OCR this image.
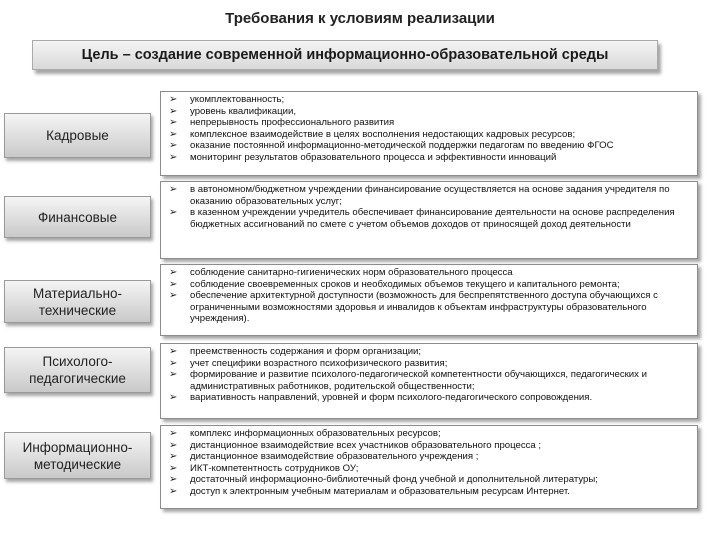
Требования к условиям реализации
Цель – создание современной информационно-образовательной среды
Кадровые
➢ укомплектованность;
➢ уровень квалификации,
➢ непрерывность профессионального развития
➢ комплексное взаимодействие в целях восполнения недостающих кадровых ресурсов;
➢ оказание постоянной информационно-методической поддержки педагогам по введению ФГОС
➢ мониторинг результатов образовательного процесса и эффективности инноваций
Финансовые
➢ в автономном/бюджетном учреждении финансирование осуществляется на основе задания учредителя по оказанию образовательных услуг;
➢ в казенном учреждении учредитель обеспечивает финансирование деятельности на основе распределения бюджетных ассигнований по смете с учетом объемов доходов от приносящей доход деятельности
Материально-технические
➢ соблюдение санитарно-гигиенических норм образовательного процесса
➢ соблюдение своевременных сроков и необходимых объемов текущего и капитального ремонта;
➢ обеспечение архитектурной доступности (возможность для беспрепятственного доступа обучающихся с ограниченными возможностями здоровья и инвалидов к объектам инфраструктуры образовательного учреждения).
Психолого-педагогические
➢ преемственность содержания и форм организации;
➢ учет специфики возрастного психофизического развития;
➢ формирование и развитие психолого-педагогической компетентности обучающихся, педагогических и административных работников, родительской общественности;
➢ вариативность направлений, уровней и форм психолого-педагогического сопровождения.
Информационно-методические
➢ комплекс информационных образовательных ресурсов;
➢ дистанционное взаимодействие всех участников образовательного процесса ;
➢ дистанционное взаимодействие образовательного учреждения ;
➢ ИКТ-компетентность сотрудников ОУ;
➢ достаточный информационно-библиотечный фонд учебной и дополнительной литературы;
➢ доступ к электронным учебным материалам и образовательным ресурсам Интернет.
